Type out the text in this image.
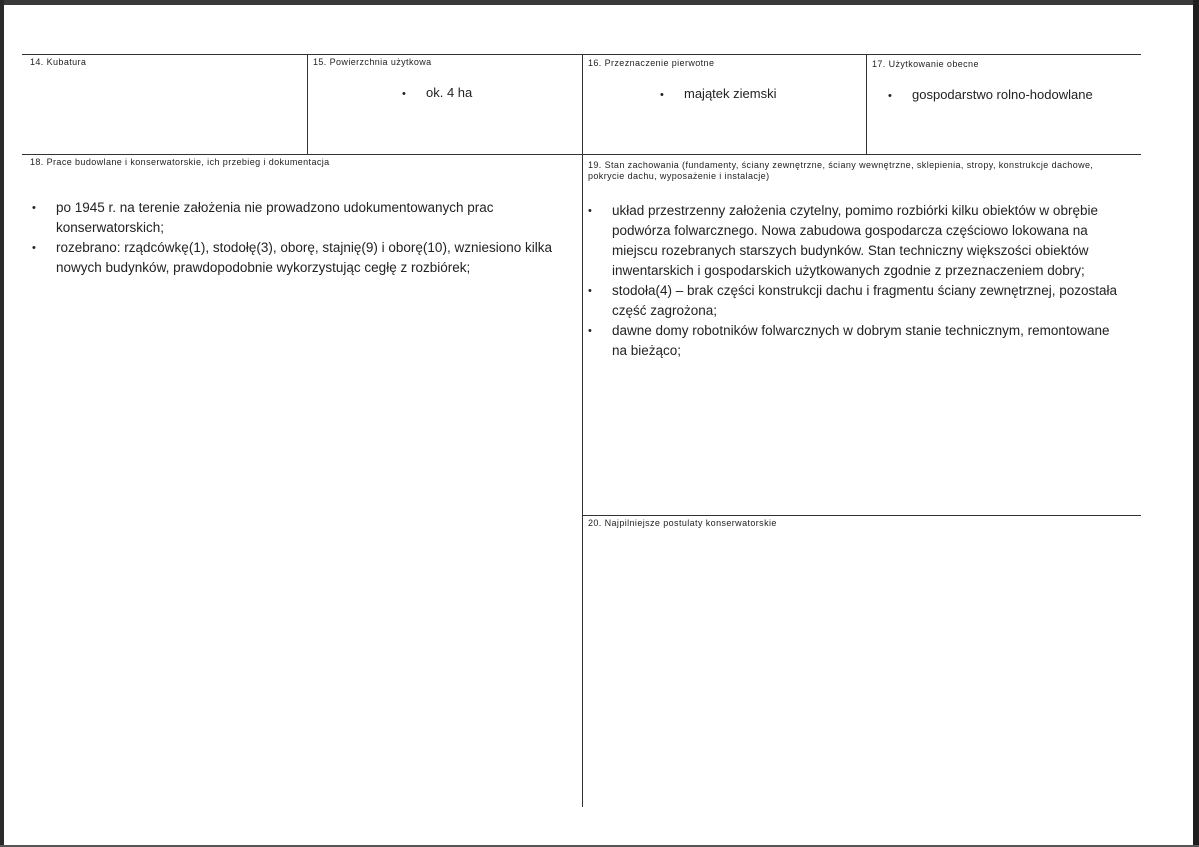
14. Kubatura	15. Powierzchnia użytkowa
• ok. 4 ha
16. Przeznaczenie pierwotne
• majątek ziemski
17. Użytkowanie obecne
• gospodarstwo rolno-hodowlane
18. Prace budowlane i konserwatorskie, ich przebieg i dokumentacja
• po 1945 r. na terenie założenia nie prowadzono udokumentowanych prac konserwatorskich;
• rozebrano: rządcówkę(1), stodołę(3), oborę, stajnię(9) i oborę(10), wzniesiono kilka nowych budynków, prawdopodobnie wykorzystując cegłę z rozbiórek;
19. Stan zachowania (fundamenty, ściany zewnętrzne, ściany wewnętrzne, sklepienia, stropy, konstrukcje dachowe, pokrycie dachu, wyposażenie i instalacje)
• układ przestrzenny założenia czytelny, pomimo rozbiórki kilku obiektów w obrębie podwórza folwarcznego. Nowa zabudowa gospodarcza częściowo lokowana na miejscu rozebranych starszych budynków. Stan techniczny większości obiektów inwentarskich i gospodarskich użytkowanych zgodnie z przeznaczeniem dobry;
• stodoła(4) – brak części konstrukcji dachu i fragmentu ściany zewnętrznej, pozostała część zagrożona;
• dawne domy robotników folwarcznych w dobrym stanie technicznym, remontowane na bieżąco;
20. Najpilniejsze postulaty konserwatorskie
